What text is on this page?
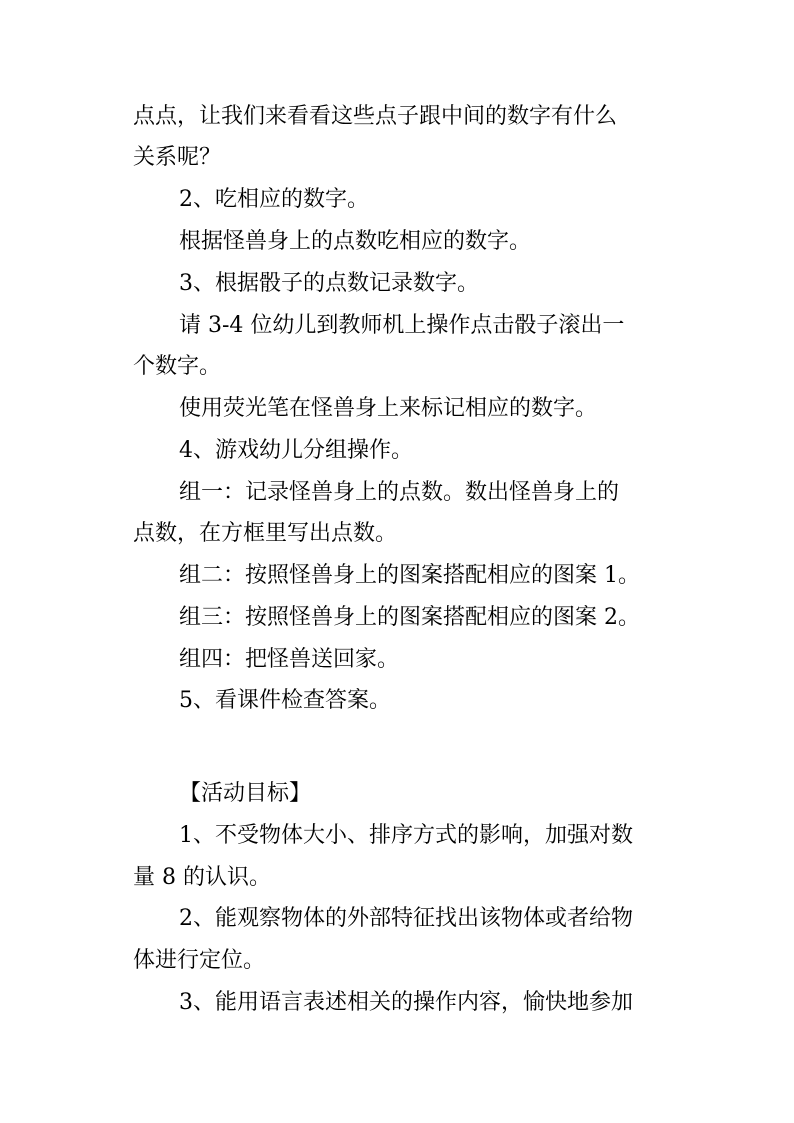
点点，让我们来看看这些点子跟中间的数字有什么
关系呢？
2、吃相应的数字。
根据怪兽身上的点数吃相应的数字。
3、根据骰子的点数记录数字。
请 3-4 位幼儿到教师机上操作点击骰子滚出一
个数字。
使用荧光笔在怪兽身上来标记相应的数字。
4、游戏幼儿分组操作。
组一：记录怪兽身上的点数。数出怪兽身上的
点数，在方框里写出点数。
组二：按照怪兽身上的图案搭配相应的图案 1。
组三：按照怪兽身上的图案搭配相应的图案 2。
组四：把怪兽送回家。
5、看课件检查答案。
【活动目标】
1、不受物体大小、排序方式的影响，加强对数
量 8 的认识。
2、能观察物体的外部特征找出该物体或者给物
体进行定位。
3、能用语言表述相关的操作内容，愉快地参加
